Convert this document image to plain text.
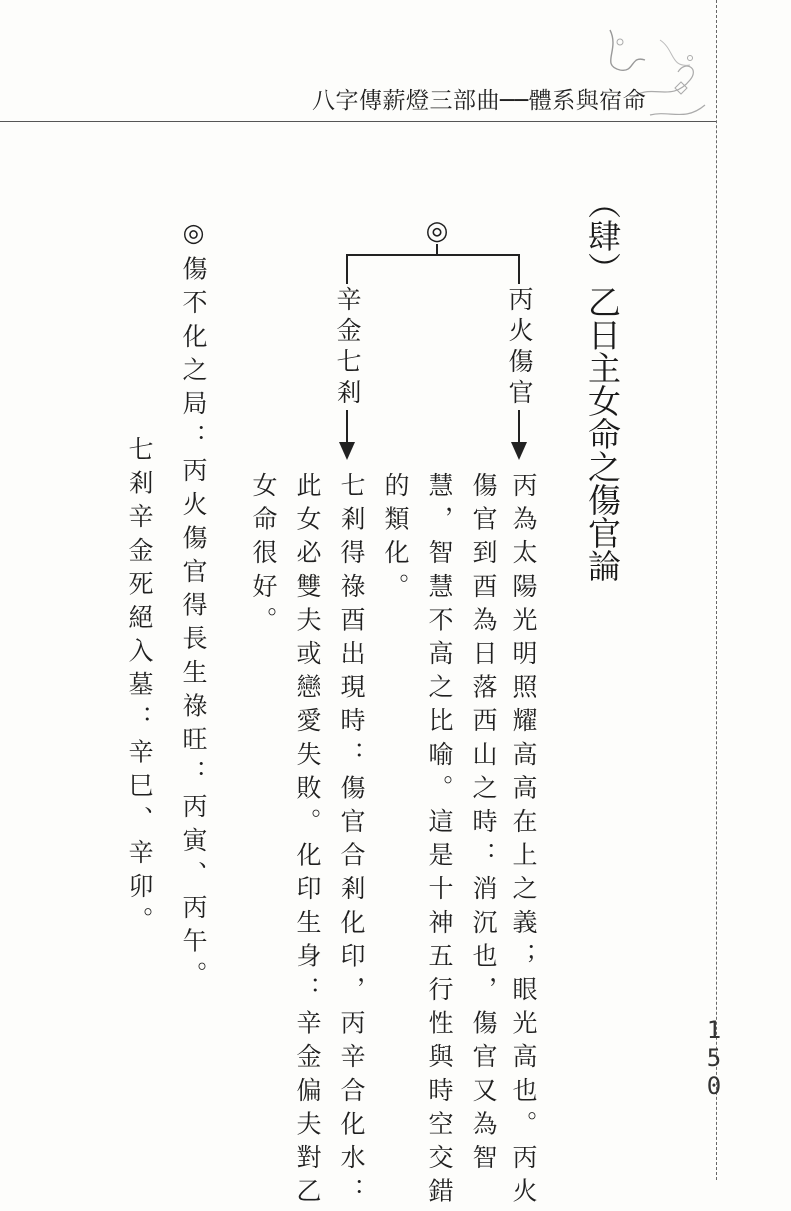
八字傳薪燈三部曲──體系與宿命
150
︵肆︶乙日主女命之傷官論
◎
丙火傷官
辛金七剎
丙為太陽光明照耀高高在上之義；眼光高也。丙火
傷官到酉為日落西山之時：消沉也，傷官又為智
慧，智慧不高之比喻。這是十神五行性與時空交錯
的類化。
七剎得祿酉出現時：傷官合剎化印，丙辛合化水：
此女必雙夫或戀愛失敗。化印生身：辛金偏夫對乙
女命很好。
◎傷不化之局：丙火傷官得長生祿旺：丙寅、丙午。
七剎辛金死絕入墓：辛巳、辛卯。
